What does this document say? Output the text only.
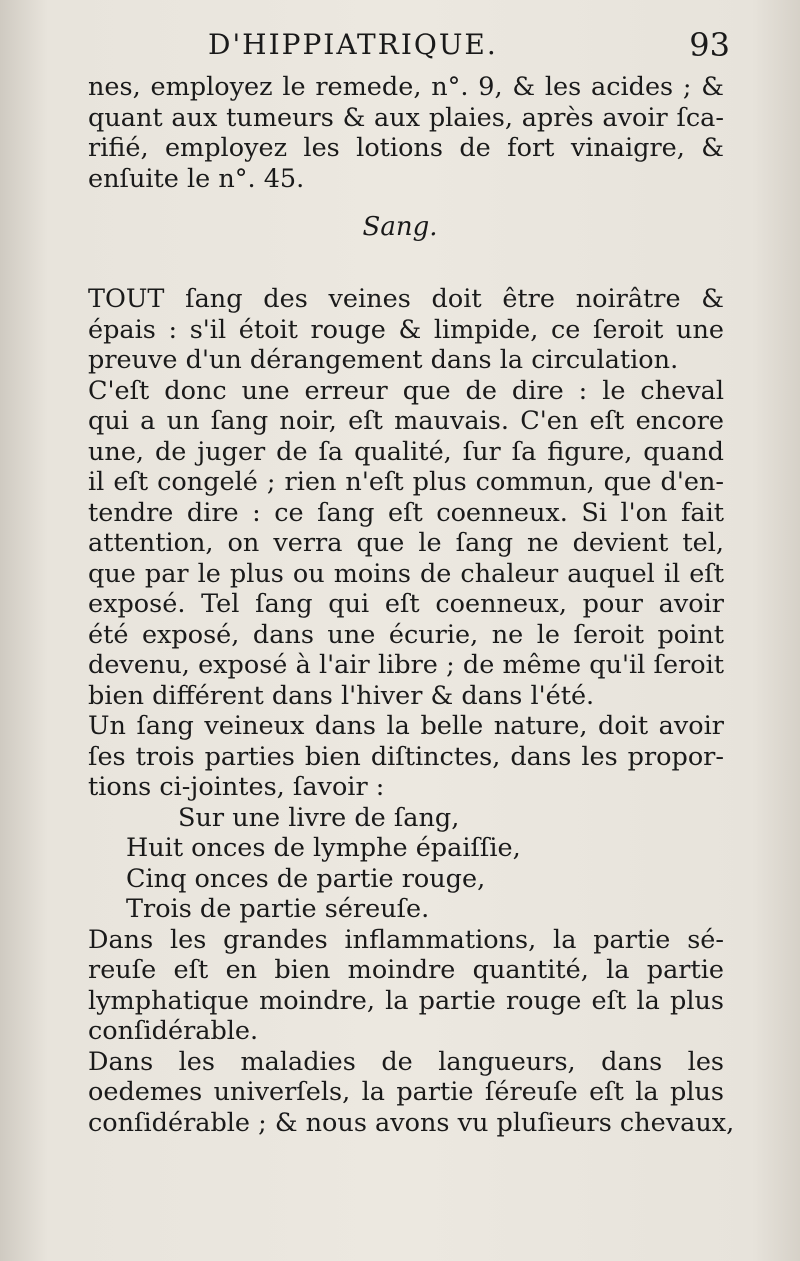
D'HIPPIATRIQUE.	93
nes, employez le remede, n°. 9, & les acides ; &
quant aux tumeurs & aux plaies, après avoir ſca-
rifié, employez les lotions de fort vinaigre, &
enſuite le n°. 45.
Sang.
TOUT ſang des veines doit être noirâtre &
épais : s'il étoit rouge & limpide, ce ſeroit une
preuve d'un dérangement dans la circulation.
C'eſt donc une erreur que de dire : le cheval
qui a un ſang noir, eſt mauvais. C'en eſt encore
une, de juger de ſa qualité, ſur ſa figure, quand
il eſt congelé ; rien n'eſt plus commun, que d'en-
tendre dire : ce ſang eſt coenneux. Si l'on fait
attention, on verra que le ſang ne devient tel,
que par le plus ou moins de chaleur auquel il eſt
exposé. Tel ſang qui eſt coenneux, pour avoir
été exposé, dans une écurie, ne le ſeroit point
devenu, exposé à l'air libre ; de même qu'il ſeroit
bien différent dans l'hiver & dans l'été.
Un ſang veineux dans la belle nature, doit avoir
ſes trois parties bien diſtinctes, dans les propor-
tions ci-jointes, ſavoir :
Sur une livre de ſang,
Huit onces de lymphe épaiſſie,
Cinq onces de partie rouge,
Trois de partie séreuſe.
Dans les grandes inflammations, la partie sé-
reuſe eſt en bien moindre quantité, la partie
lymphatique moindre, la partie rouge eſt la plus
conſidérable.
Dans les maladies de langueurs, dans les
oedemes univerſels, la partie ſéreuſe eſt la plus
conſidérable ; & nous avons vu pluſieurs chevaux,
